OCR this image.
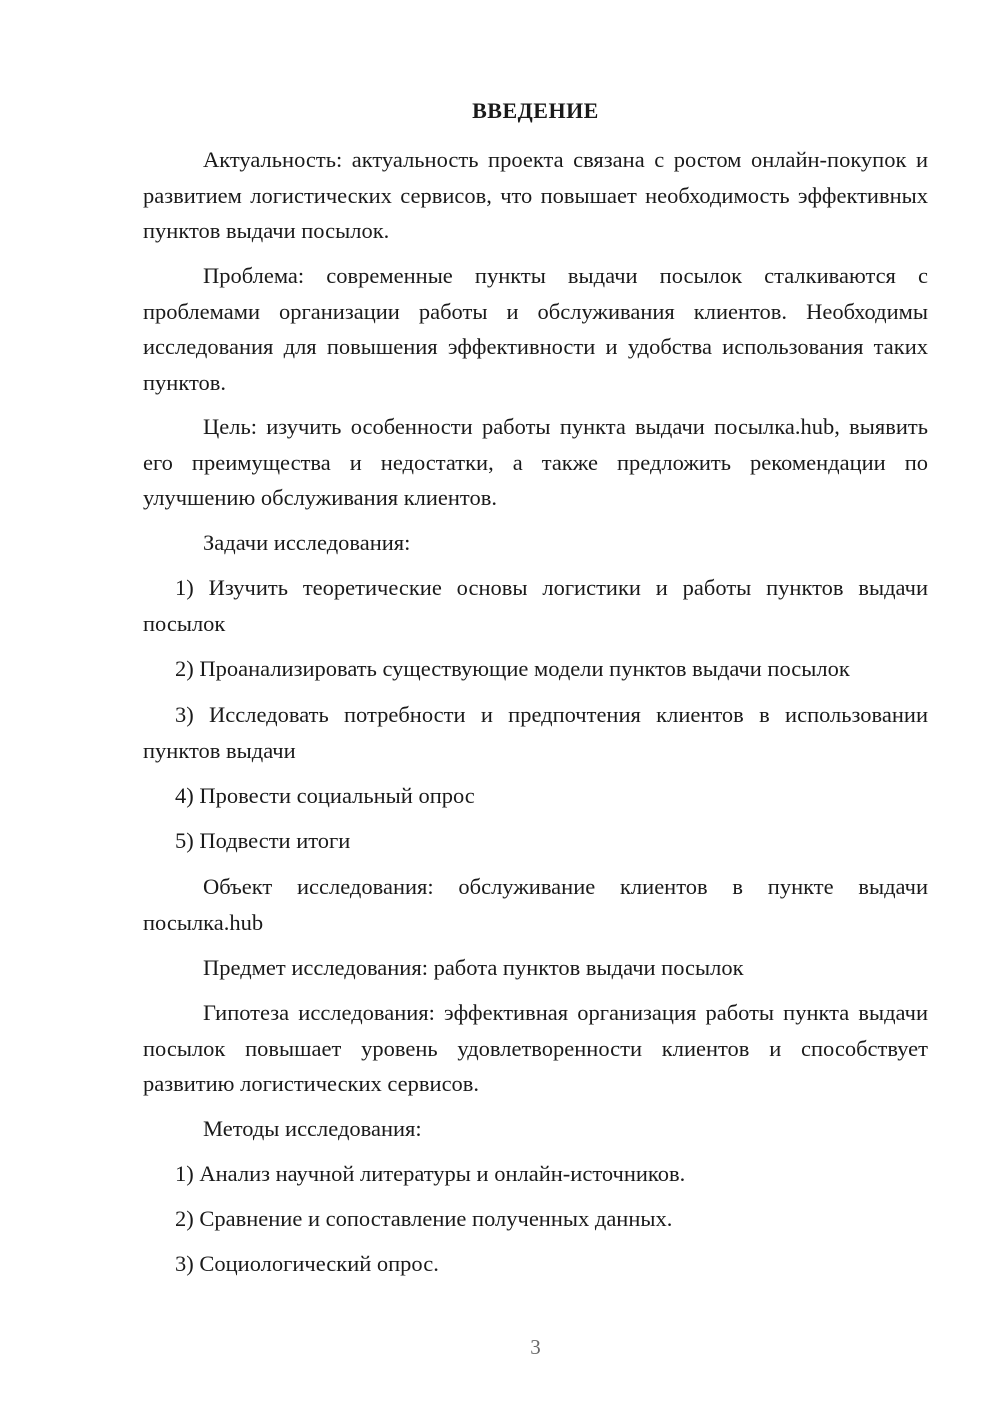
ВВЕДЕНИЕ

Актуальность: актуальность проекта связана с ростом онлайн-покупок и развитием логистических сервисов, что повышает необходимость эффективных пунктов выдачи посылок.

Проблема: современные пункты выдачи посылок сталкиваются с проблемами организации работы и обслуживания клиентов. Необходимы исследования для повышения эффективности и удобства использования таких пунктов.

Цель: изучить особенности работы пункта выдачи посылка.hub, выявить его преимущества и недостатки, а также предложить рекомендации по улучшению обслуживания клиентов.

Задачи исследования:

1) Изучить теоретические основы логистики и работы пунктов выдачи посылок

2) Проанализировать существующие модели пунктов выдачи посылок

3) Исследовать потребности и предпочтения клиентов в использовании пунктов выдачи

4) Провести социальный опрос

5) Подвести итоги

Объект исследования: обслуживание клиентов в пункте выдачи посылка.hub

Предмет исследования: работа пунктов выдачи посылок

Гипотеза исследования: эффективная организация работы пункта выдачи посылок повышает уровень удовлетворенности клиентов и способствует развитию логистических сервисов.

Методы исследования:

1) Анализ научной литературы и онлайн-источников.

2) Сравнение и сопоставление полученных данных.

3) Социологический опрос.

3
